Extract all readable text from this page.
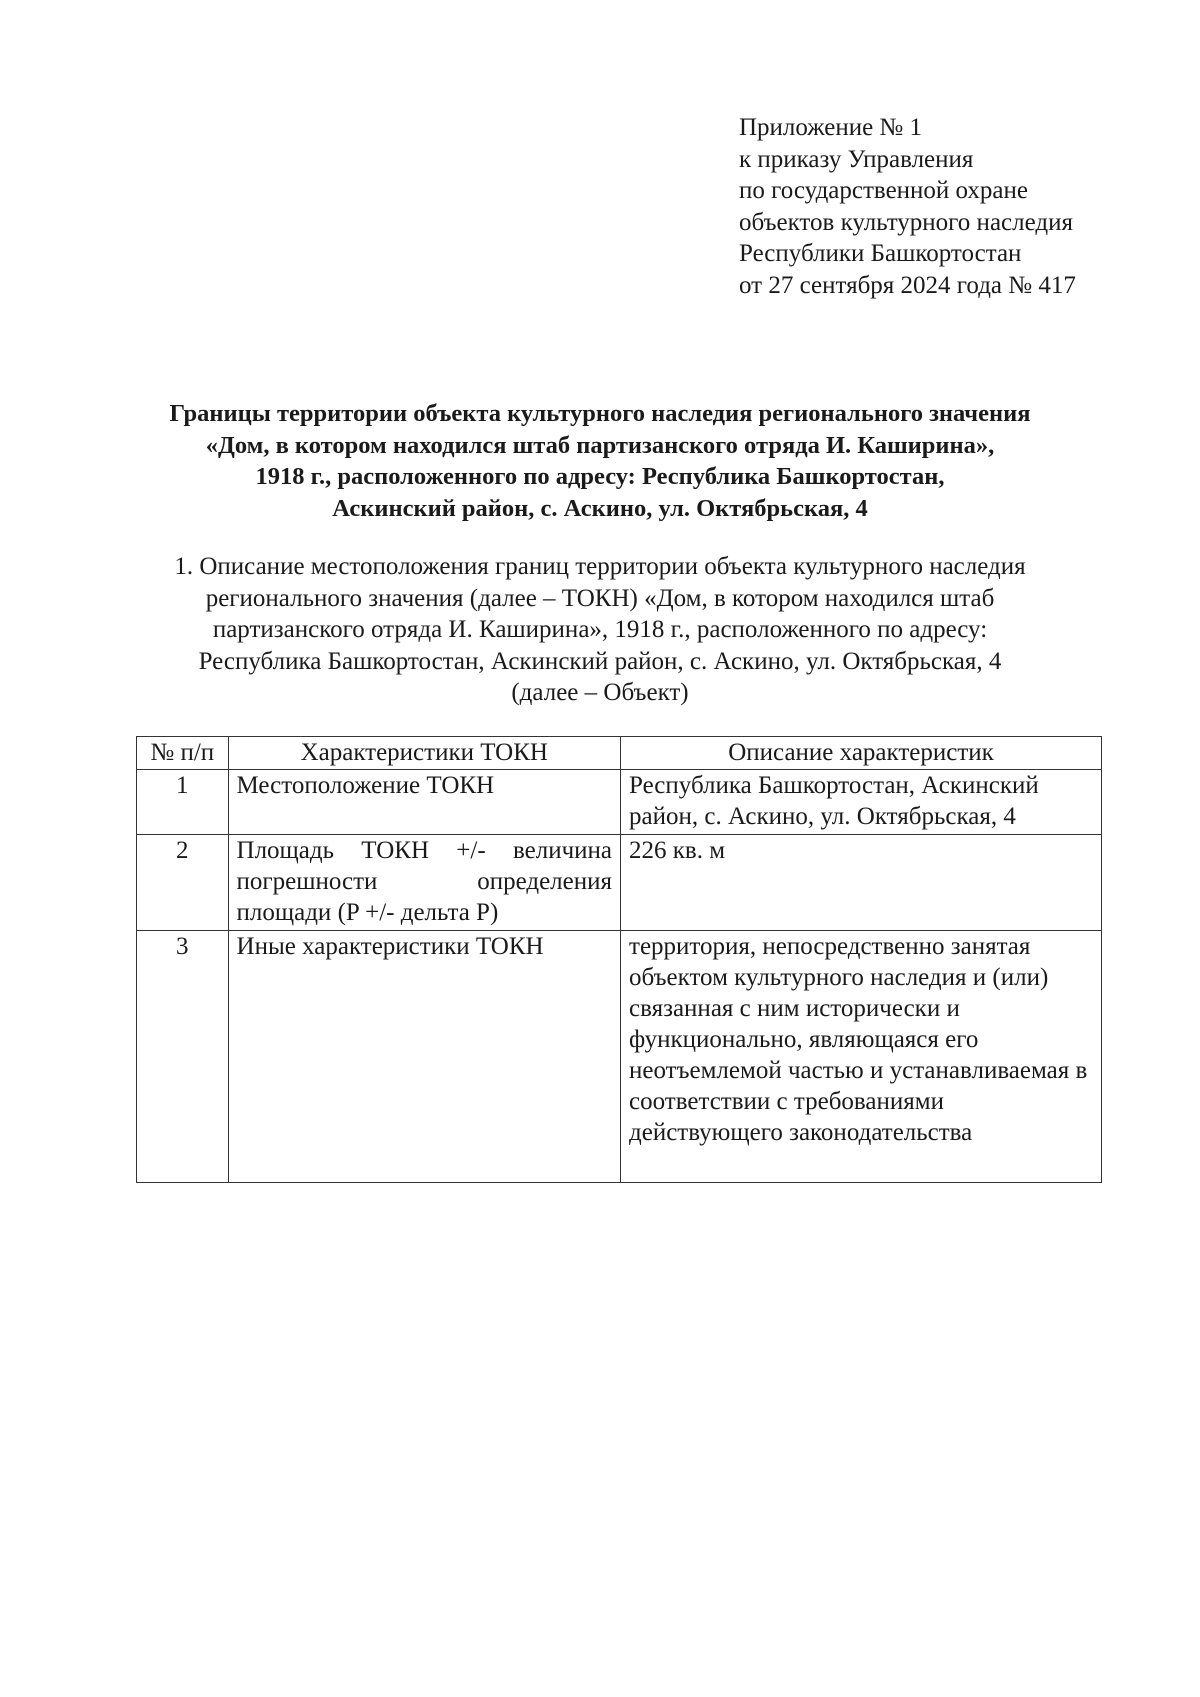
Приложение № 1
к приказу Управления
по государственной охране
объектов культурного наследия
Республики Башкортостан
от 27 сентября 2024 года № 417
Границы территории объекта культурного наследия регионального значения
«Дом, в котором находился штаб партизанского отряда И. Каширина»,
1918 г., расположенного по адресу: Республика Башкортостан,
Аскинский район, с. Аскино, ул. Октябрьская, 4
1. Описание местоположения границ территории объекта культурного наследия
регионального значения (далее – ТОКН) «Дом, в котором находился штаб
партизанского отряда И. Каширина», 1918 г., расположенного по адресу:
Республика Башкортостан, Аскинский район, с. Аскино, ул. Октябрьская, 4
(далее – Объект)
№ п/п	Характеристики ТОКН	Описание характеристик
1	Местоположение ТОКН	Республика Башкортостан, Аскинский район, с. Аскино, ул. Октябрьская, 4
2	Площадь ТОКН +/- величина погрешности определения площади (P +/- дельта P)	226 кв. м
3	Иные характеристики ТОКН	территория, непосредственно занятая объектом культурного наследия и (или) связанная с ним исторически и функционально, являющаяся его неотъемлемой частью и устанавливаемая в соответствии с требованиями действующего законодательства
